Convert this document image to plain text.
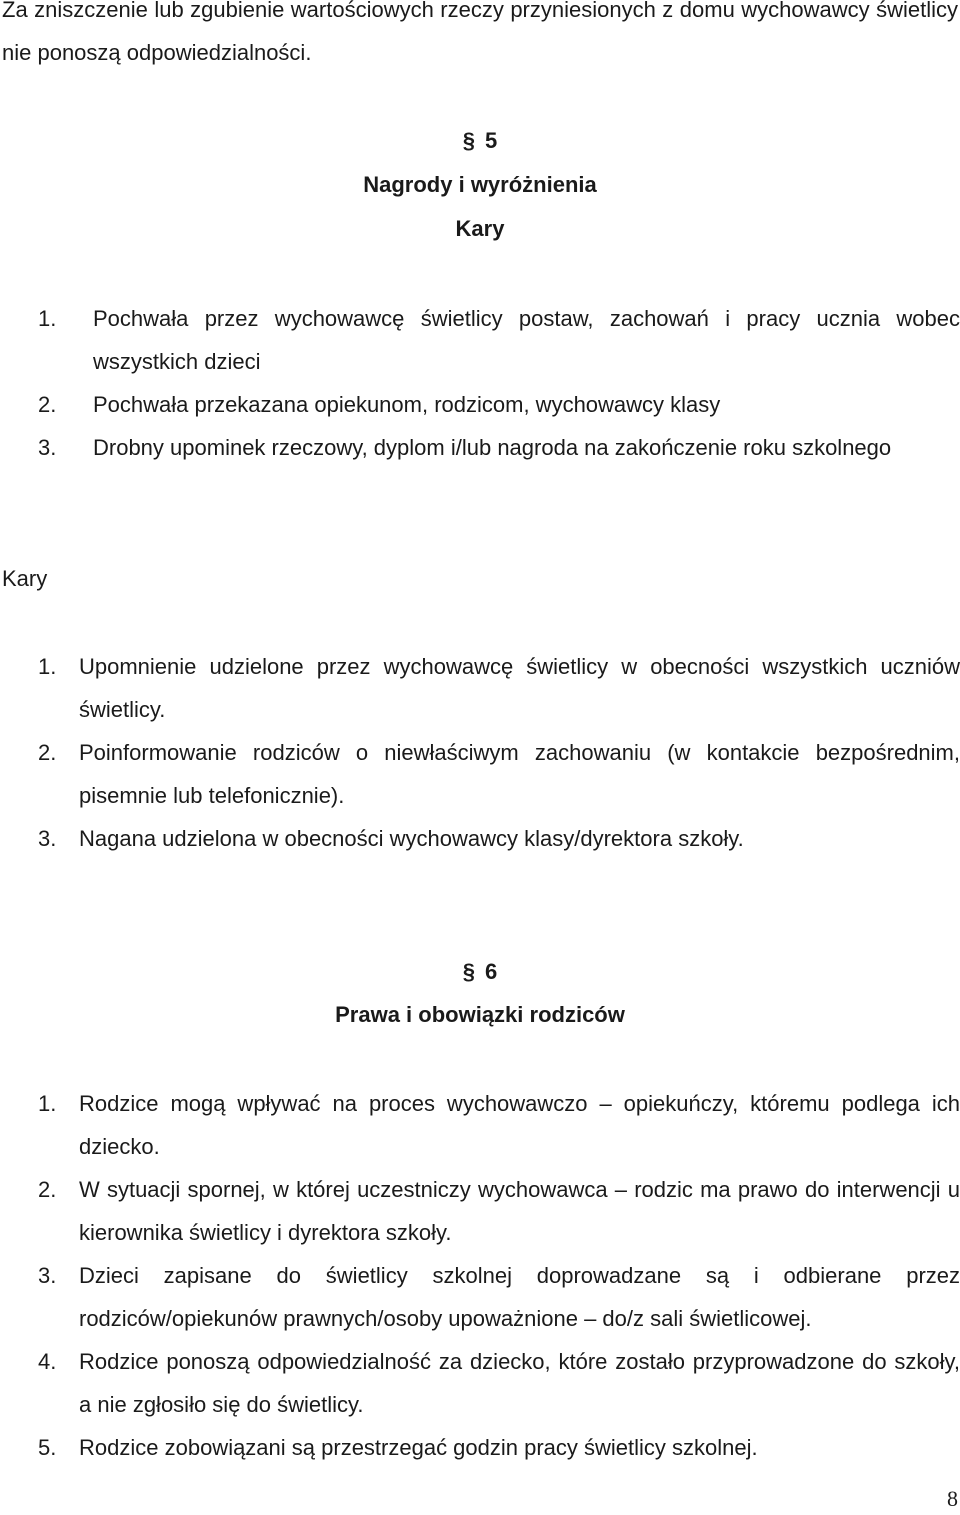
Za zniszczenie lub zgubienie wartościowych rzeczy przyniesionych z domu wychowawcy świetlicy nie ponoszą odpowiedzialności.

§ 5
Nagrody i wyróżnienia
Kary
1. Pochwała przez wychowawcę świetlicy postaw, zachowań i pracy ucznia wobec wszystkich dzieci
2. Pochwała przekazana opiekunom, rodzicom, wychowawcy klasy
3. Drobny upominek rzeczowy, dyplom i/lub nagroda na zakończenie roku szkolnego
Kary
1. Upomnienie udzielone przez wychowawcę świetlicy w obecności wszystkich uczniów świetlicy.
2. Poinformowanie rodziców o niewłaściwym zachowaniu (w kontakcie bezpośrednim, pisemnie lub telefonicznie).
3. Nagana udzielona w obecności wychowawcy klasy/dyrektora szkoły.
§ 6
Prawa i obowiązki rodziców
1. Rodzice mogą wpływać na proces wychowawczo – opiekuńczy, któremu podlega ich dziecko.
2. W sytuacji spornej, w której uczestniczy wychowawca – rodzic ma prawo do interwencji u kierownika świetlicy i dyrektora szkoły.
3. Dzieci zapisane do świetlicy szkolnej doprowadzane są i odbierane przez rodziców/opiekunów prawnych/osoby upoważnione – do/z sali świetlicowej.
4. Rodzice ponoszą odpowiedzialność za dziecko, które zostało przyprowadzone do szkoły, a nie zgłosiło się do świetlicy.
5. Rodzice zobowiązani są przestrzegać godzin pracy świetlicy szkolnej.
8
